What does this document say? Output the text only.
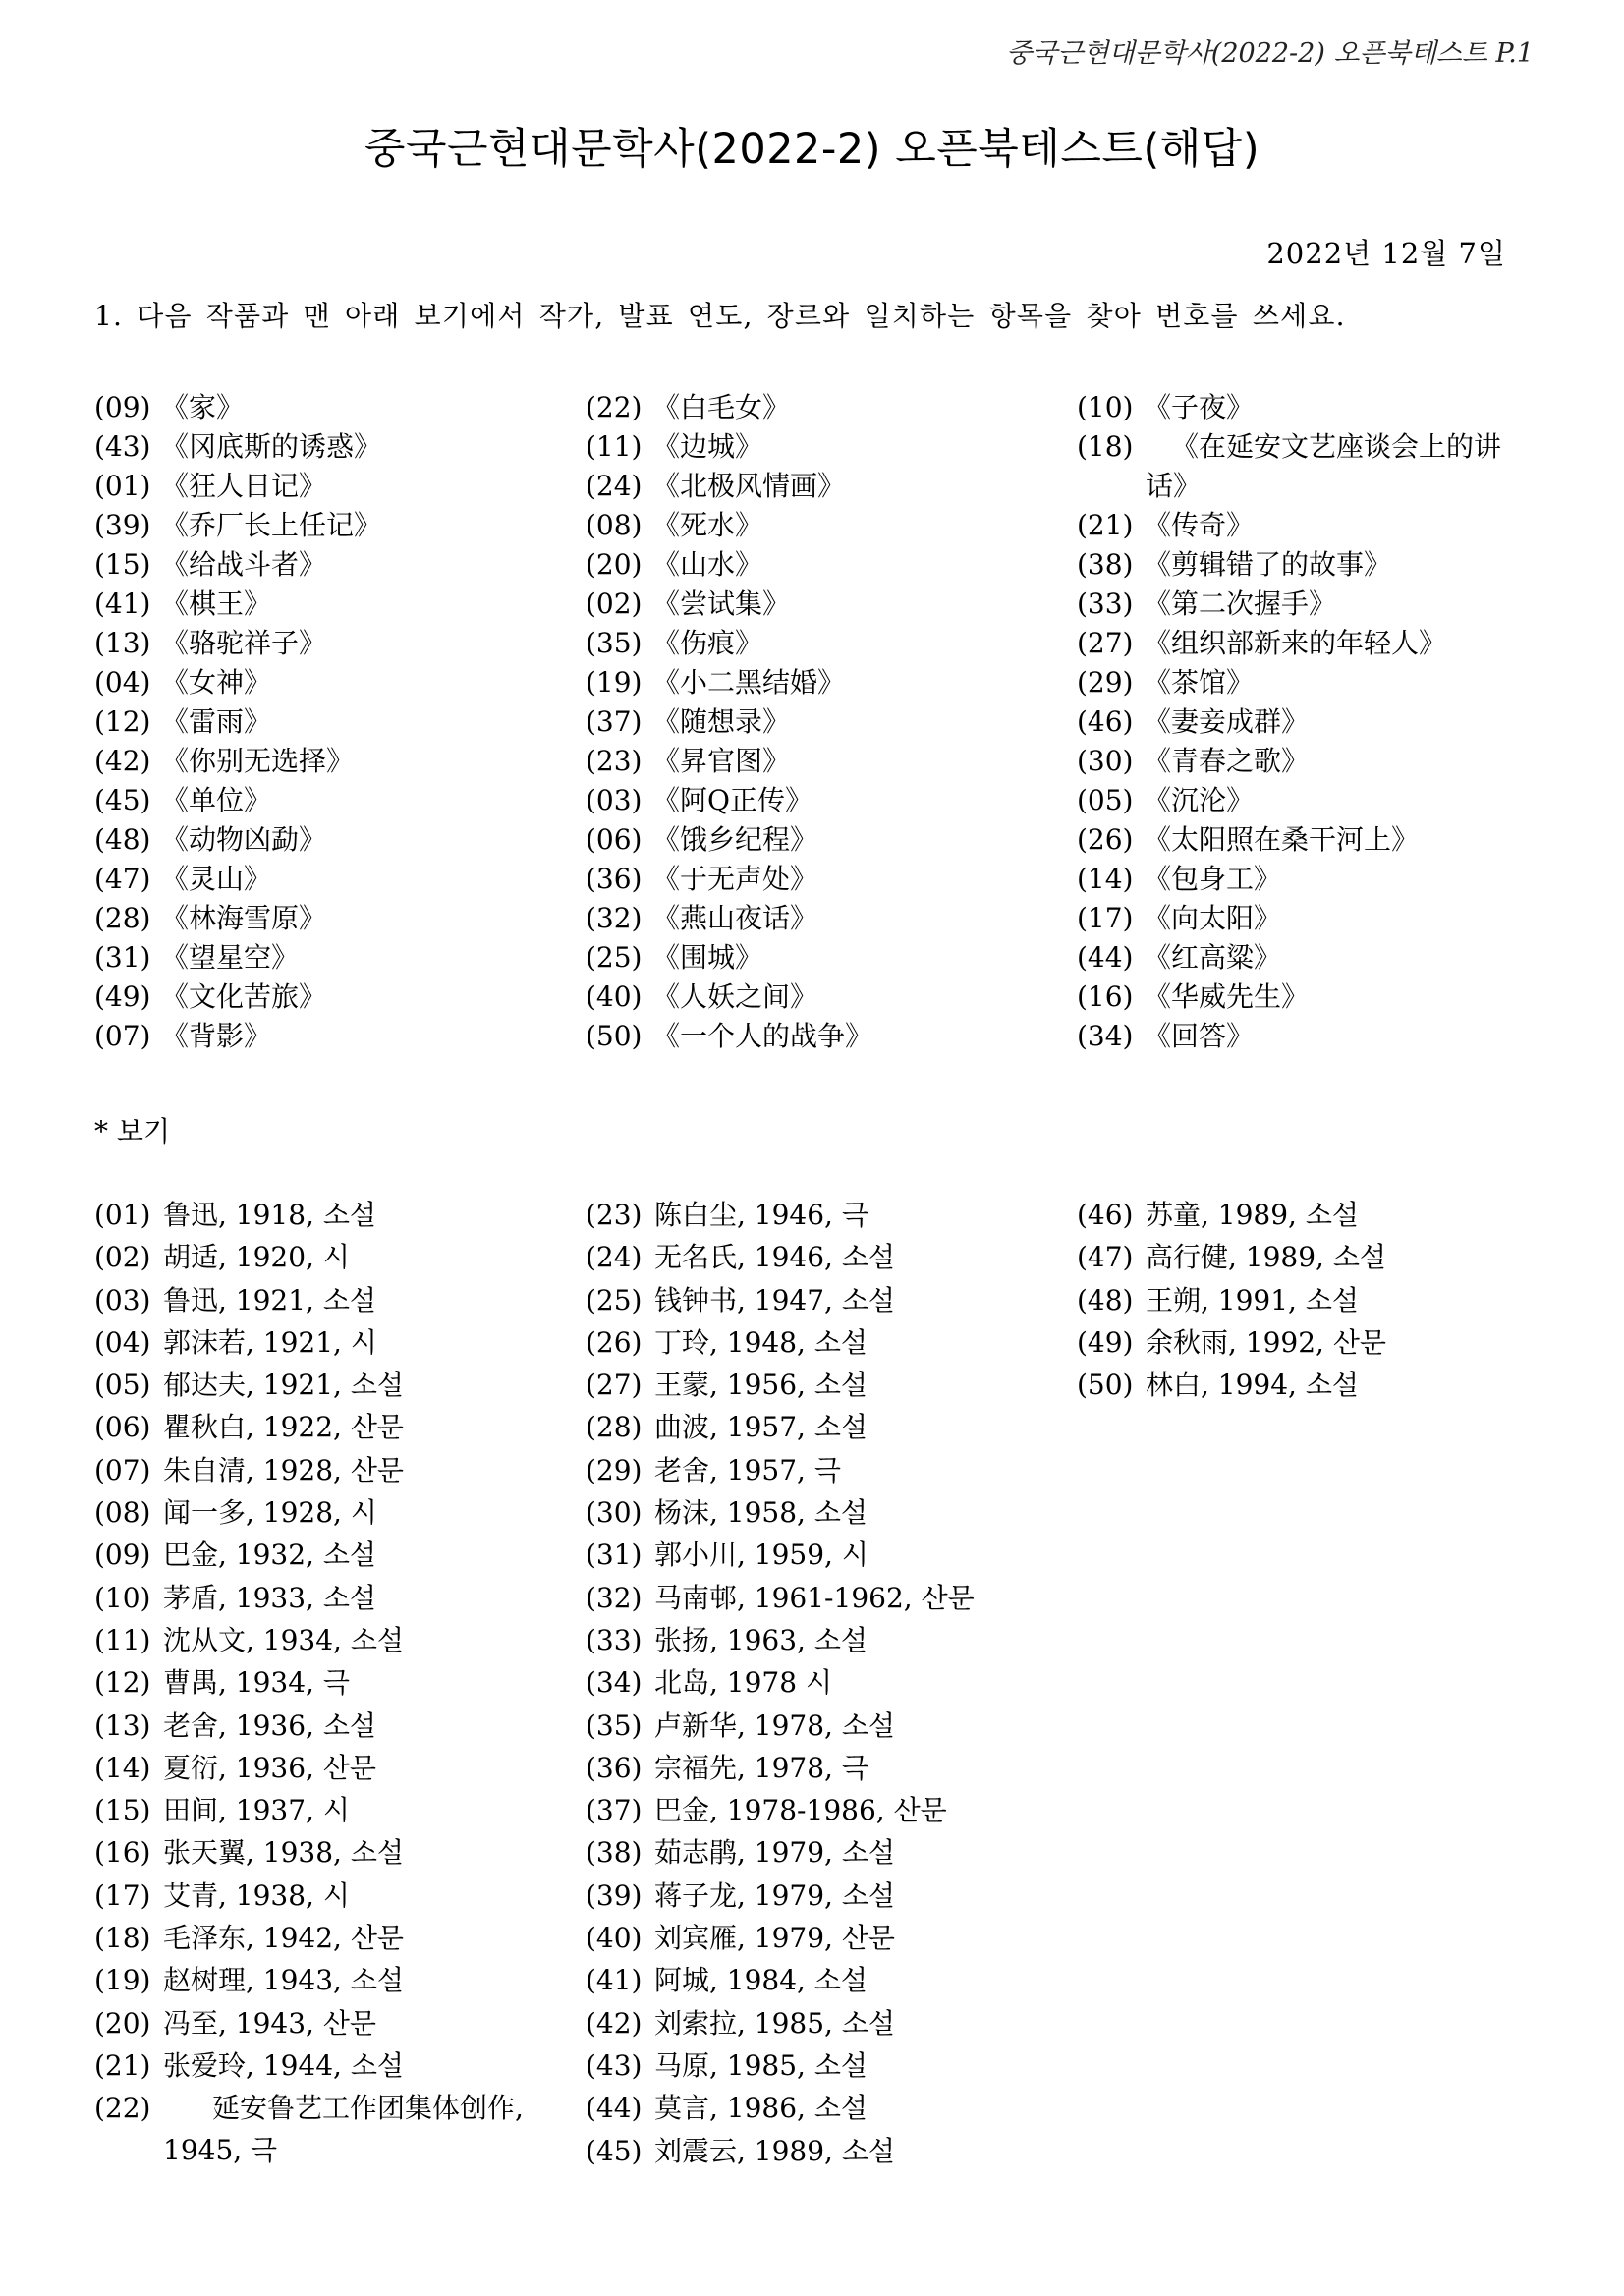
중국근현대문학사(2022-2) 오픈북테스트 P.1
중국근현대문학사(2022-2) 오픈북테스트(해답)
2022년 12월 7일
1. 다음 작품과 맨 아래 보기에서 작가, 발표 연도, 장르와 일치하는 항목을 찾아 번호를 쓰세요.
(09) 《家》
(43) 《冈底斯的诱惑》
(01) 《狂人日记》
(39) 《乔厂长上任记》
(15) 《给战斗者》
(41) 《棋王》
(13) 《骆驼祥子》
(04) 《女神》
(12) 《雷雨》
(42) 《你别无选择》
(45) 《单位》
(48) 《动物凶勐》
(47) 《灵山》
(28) 《林海雪原》
(31) 《望星空》
(49) 《文化苦旅》
(07) 《背影》
(22) 《白毛女》
(11) 《边城》
(24) 《北极风情画》
(08) 《死水》
(20) 《山水》
(02) 《尝试集》
(35) 《伤痕》
(19) 《小二黑结婚》
(37) 《随想录》
(23) 《昇官图》
(03) 《阿Q正传》
(06) 《饿乡纪程》
(36) 《于无声处》
(32) 《燕山夜话》
(25) 《围城》
(40) 《人妖之间》
(50) 《一个人的战争》
(10) 《子夜》
(18)	《在延安文艺座谈会上的讲
话》
(21) 《传奇》
(38) 《剪辑错了的故事》
(33) 《第二次握手》
(27) 《组织部新来的年轻人》
(29) 《茶馆》
(46) 《妻妾成群》
(30) 《青春之歌》
(05) 《沉沦》
(26) 《太阳照在桑干河上》
(14) 《包身工》
(17) 《向太阳》
(44) 《红高粱》
(16) 《华威先生》
(34) 《回答》
* 보기
(01) 鲁迅, 1918, 소설
(02) 胡适, 1920, 시
(03) 鲁迅, 1921, 소설
(04) 郭沫若, 1921, 시
(05) 郁达夫, 1921, 소설
(06) 瞿秋白, 1922, 산문
(07) 朱自清, 1928, 산문
(08) 闻一多, 1928, 시
(09) 巴金, 1932, 소설
(10) 茅盾, 1933, 소설
(11) 沈从文, 1934, 소설
(12) 曹禺, 1934, 극
(13) 老舍, 1936, 소설
(14) 夏衍, 1936, 산문
(15) 田间, 1937, 시
(16) 张天翼, 1938, 소설
(17) 艾青, 1938, 시
(18) 毛泽东, 1942, 산문
(19) 赵树理, 1943, 소설
(20) 冯至, 1943, 산문
(21) 张爱玲, 1944, 소설
(22)	延安鲁艺工作团集体创作,
1945, 극
(23) 陈白尘, 1946, 극
(24) 无名氏, 1946, 소설
(25) 钱钟书, 1947, 소설
(26) 丁玲, 1948, 소설
(27) 王蒙, 1956, 소설
(28) 曲波, 1957, 소설
(29) 老舍, 1957, 극
(30) 杨沫, 1958, 소설
(31) 郭小川, 1959, 시
(32) 马南邨, 1961-1962, 산문
(33) 张扬, 1963, 소설
(34) 北岛, 1978 시
(35) 卢新华, 1978, 소설
(36) 宗福先, 1978, 극
(37) 巴金, 1978-1986, 산문
(38) 茹志鹃, 1979, 소설
(39) 蒋子龙, 1979, 소설
(40) 刘宾雁, 1979, 산문
(41) 阿城, 1984, 소설
(42) 刘索拉, 1985, 소설
(43) 马原, 1985, 소설
(44) 莫言, 1986, 소설
(45) 刘震云, 1989, 소설
(46) 苏童, 1989, 소설
(47) 高行健, 1989, 소설
(48) 王朔, 1991, 소설
(49) 余秋雨, 1992, 산문
(50) 林白, 1994, 소설
